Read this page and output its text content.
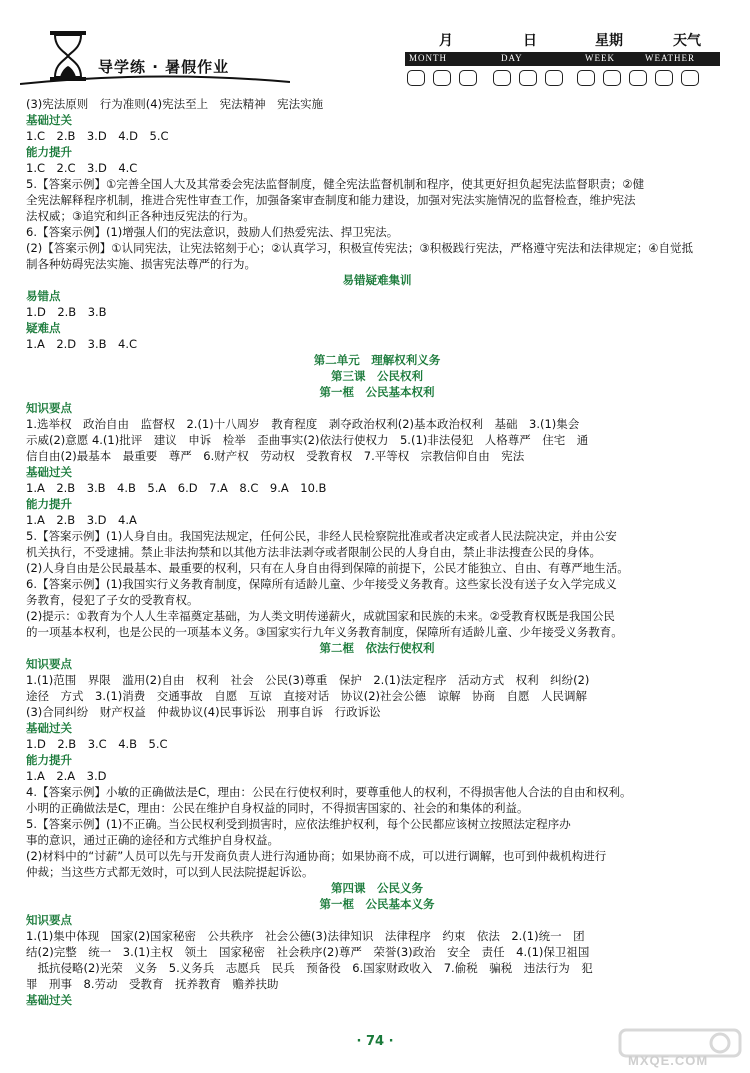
导学练 · 暑假作业
月	日	星期	天气
MONTH	DAY	WEEK	WEATHER

(3)宪法原则　行为准则(4)宪法至上　宪法精神　宪法实施

基础过关

1.C　2.B　3.D　4.D　5.C

能力提升

1.C　2.C　3.D　4.C

5.【答案示例】①完善全国人大及其常委会宪法监督制度，健全宪法监督机制和程序，使其更好担负起宪法监督职责；②健

全宪法解释程序机制，推进合宪性审查工作，加强备案审查制度和能力建设，加强对宪法实施情况的监督检查，维护宪法

法权威；③追究和纠正各种违反宪法的行为。

6.【答案示例】(1)增强人们的宪法意识，鼓励人们热爱宪法、捍卫宪法。

(2)【答案示例】①认同宪法，让宪法铭刻于心；②认真学习，积极宣传宪法；③积极践行宪法，严格遵守宪法和法律规定；④自觉抵

制各种妨碍宪法实施、损害宪法尊严的行为。

易错疑难集训

易错点

1.D　2.B　3.B

疑难点

1.A　2.D　3.B　4.C

第二单元　理解权利义务

第三课　公民权利

第一框　公民基本权利

知识要点

1.选举权　政治自由　监督权　2.(1)十八周岁　教育程度　剥夺政治权利(2)基本政治权利　基础　3.(1)集会

示威(2)意愿 4.(1)批评　建议　申诉　检举　歪曲事实(2)依法行使权力　5.(1)非法侵犯　人格尊严　住宅　通

信自由(2)最基本　最重要　尊严　6.财产权　劳动权　受教育权　7.平等权　宗教信仰自由　宪法

基础过关

1.A　2.B　3.B　4.B　5.A　6.D　7.A　8.C　9.A　10.B

能力提升

1.A　2.B　3.D　4.A

5.【答案示例】(1)人身自由。我国宪法规定，任何公民，非经人民检察院批准或者决定或者人民法院决定，并由公安

机关执行，不受逮捕。禁止非法拘禁和以其他方法非法剥夺或者限制公民的人身自由，禁止非法搜查公民的身体。

(2)人身自由是公民最基本、最重要的权利，只有在人身自由得到保障的前提下，公民才能独立、自由、有尊严地生活。

6.【答案示例】(1)我国实行义务教育制度，保障所有适龄儿童、少年接受义务教育。这些家长没有送子女入学完成义

务教育，侵犯了子女的受教育权。

(2)提示：①教育为个人人生幸福奠定基础，为人类文明传递薪火，成就国家和民族的未来。②受教育权既是我国公民

的一项基本权利，也是公民的一项基本义务。③国家实行九年义务教育制度，保障所有适龄儿童、少年接受义务教育。

第二框　依法行使权利

知识要点

1.(1)范围　界限　滥用(2)自由　权利　社会　公民(3)尊重　保护　2.(1)法定程序　活动方式　权利　纠纷(2)

途径　方式　3.(1)消费　交通事故　自愿　互谅　直接对话　协议(2)社会公德　谅解　协商　自愿　人民调解

(3)合同纠纷　财产权益　仲裁协议(4)民事诉讼　刑事自诉　行政诉讼

基础过关

1.D　2.B　3.C　4.B　5.C

能力提升

1.A　2.A　3.D

4.【答案示例】小敏的正确做法是C，理由：公民在行使权利时，要尊重他人的权利，不得损害他人合法的自由和权利。

小明的正确做法是C，理由：公民在维护自身权益的同时，不得损害国家的、社会的和集体的利益。

5.【答案示例】(1)不正确。当公民权利受到损害时，应依法维护权利，每个公民都应该树立按照法定程序办

事的意识，通过正确的途径和方式维护自身权益。

(2)材料中的“讨薪”人员可以先与开发商负责人进行沟通协商；如果协商不成，可以进行调解，也可到仲裁机构进行

仲裁；当这些方式都无效时，可以到人民法院提起诉讼。

第四课　公民义务

第一框　公民基本义务

知识要点

1.(1)集中体现　国家(2)国家秘密　公共秩序　社会公德(3)法律知识　法律程序　约束　依法　2.(1)统一　团

结(2)完整　统一　3.(1)主权　领土　国家秘密　社会秩序(2)尊严　荣誉(3)政治　安全　责任　4.(1)保卫祖国

　抵抗侵略(2)光荣　义务　5.义务兵　志愿兵　民兵　预备役　6.国家财政收入　7.偷税　骗税　违法行为　犯

罪　刑事　8.劳动　受教育　抚养教育　赡养扶助

基础过关

· 74 ·
MXQE.COM
